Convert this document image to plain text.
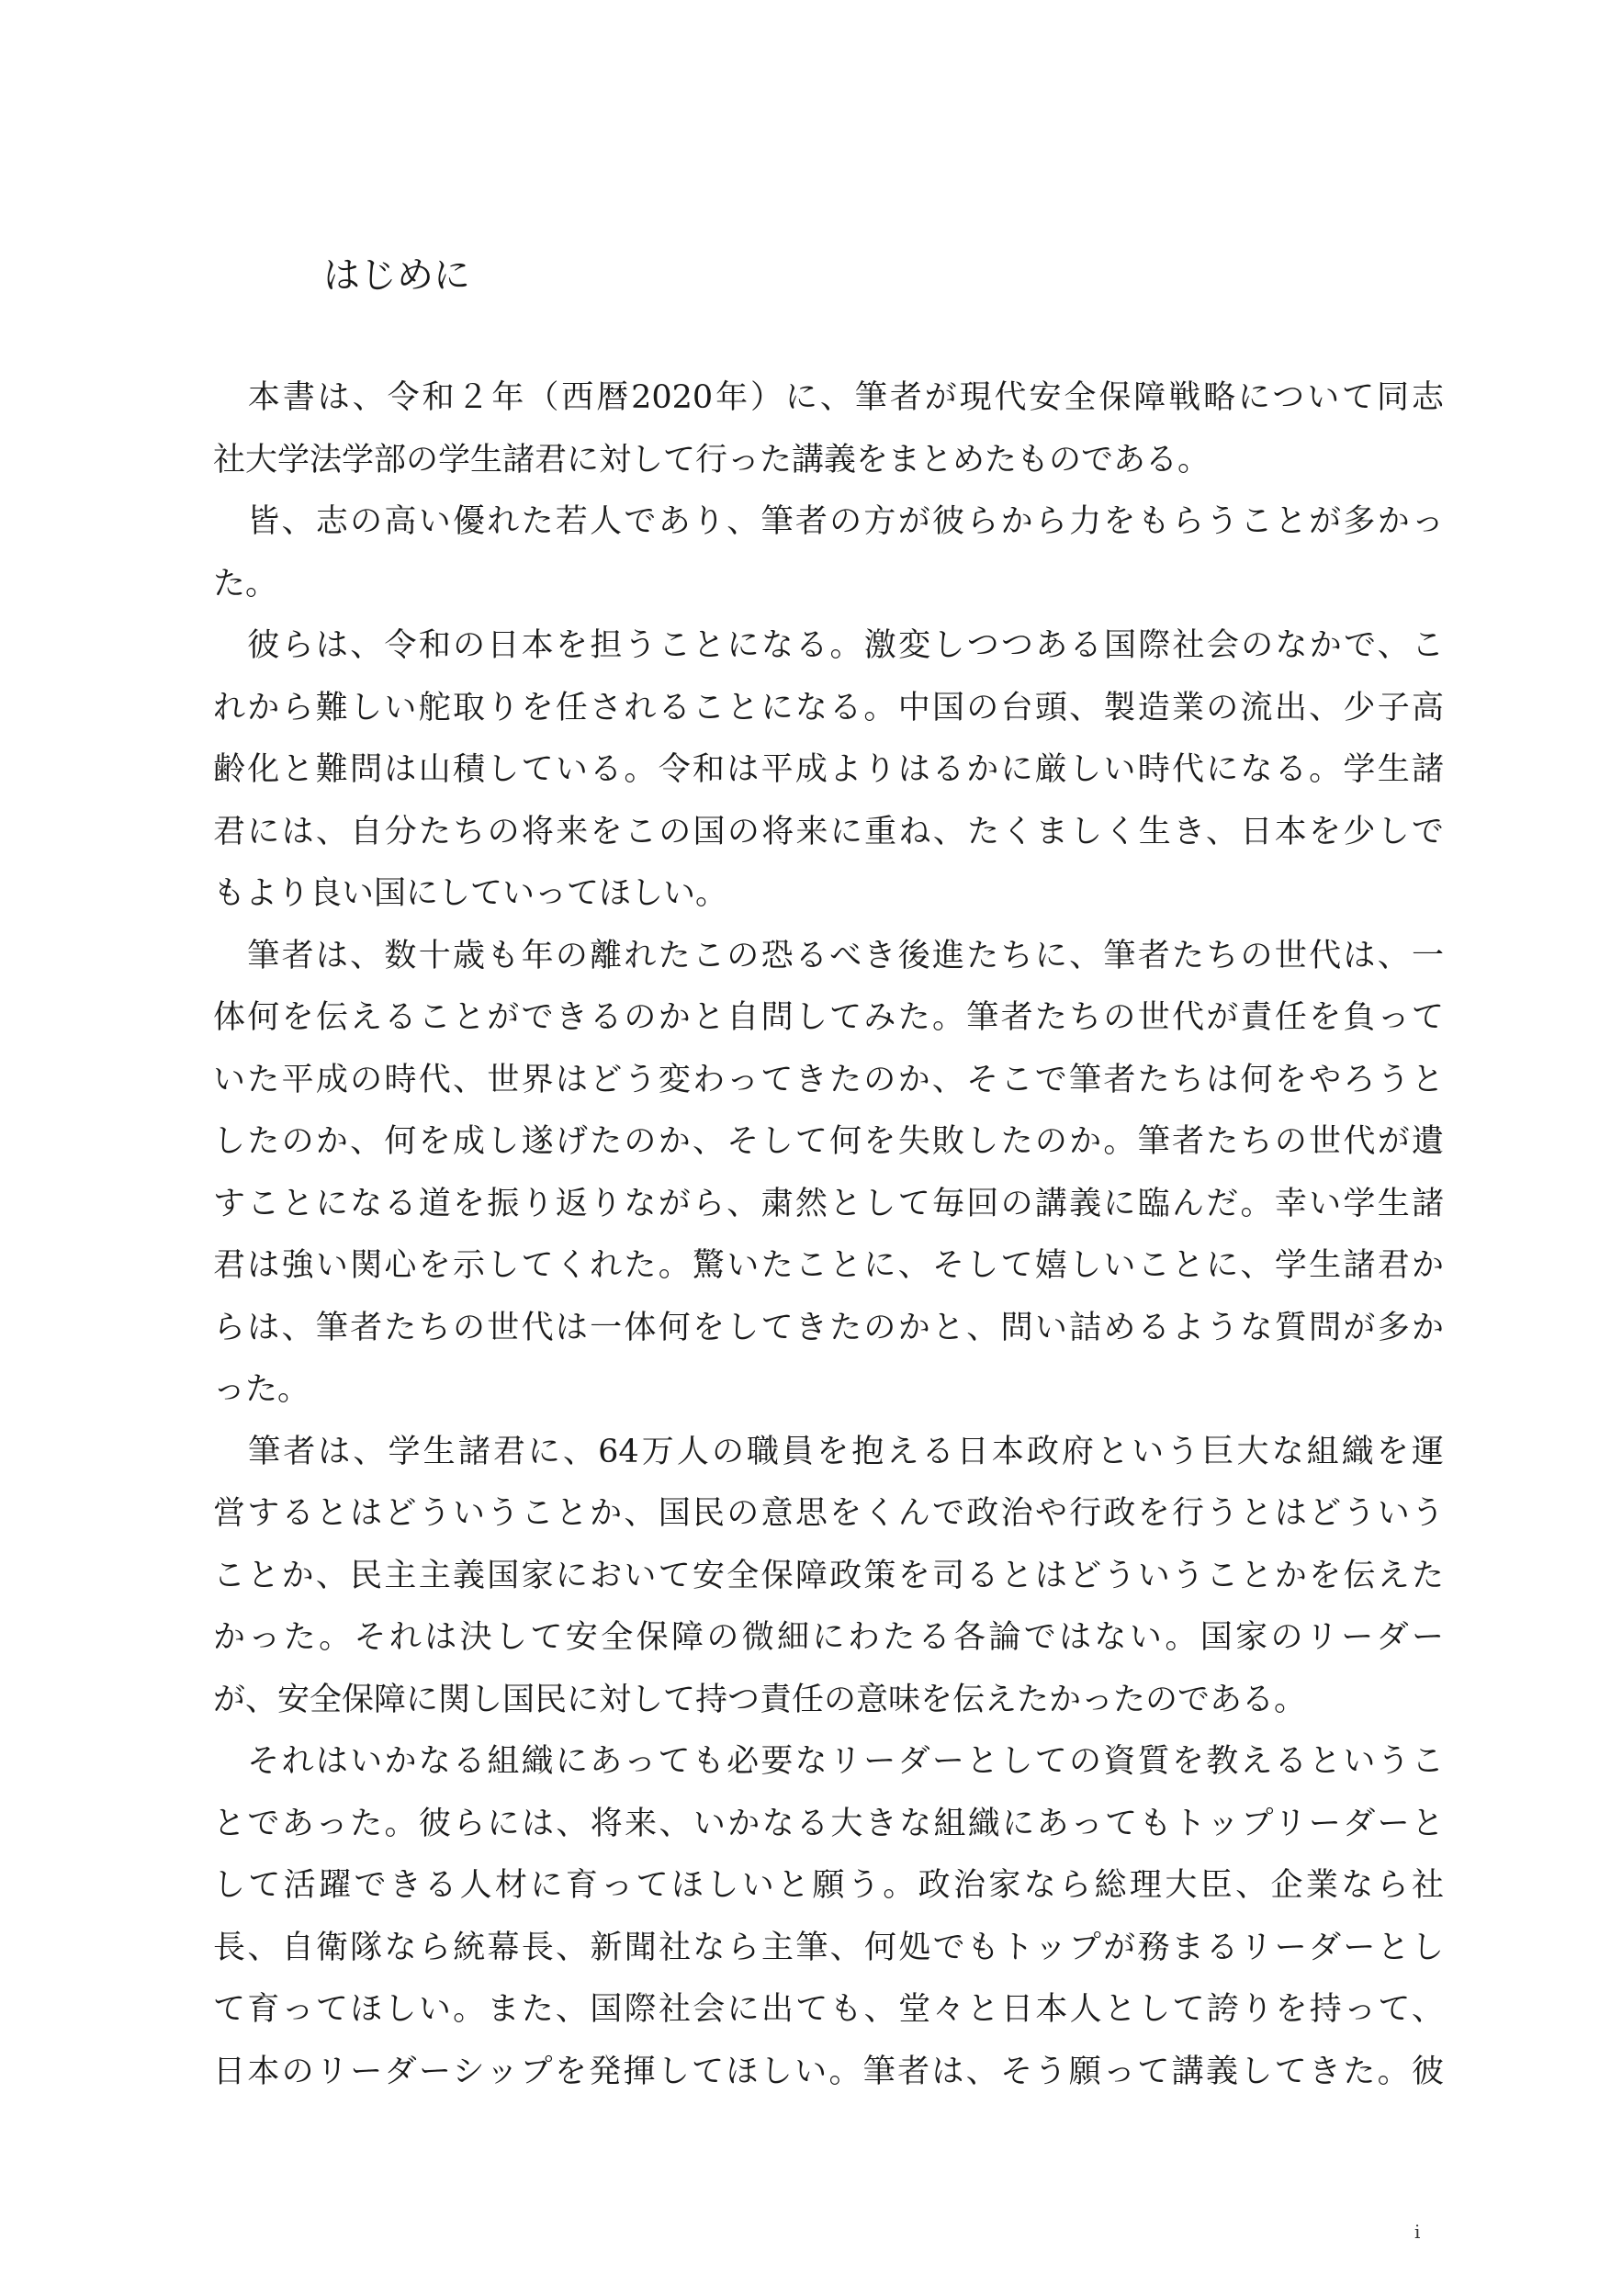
はじめに
　本書は、令和２年（西暦2020年）に、筆者が現代安全保障戦略について同志
社大学法学部の学生諸君に対して行った講義をまとめたものである。
　皆、志の高い優れた若人であり、筆者の方が彼らから力をもらうことが多かっ
た。
　彼らは、令和の日本を担うことになる。激変しつつある国際社会のなかで、こ
れから難しい舵取りを任されることになる。中国の台頭、製造業の流出、少子高
齢化と難問は山積している。令和は平成よりはるかに厳しい時代になる。学生諸
君には、自分たちの将来をこの国の将来に重ね、たくましく生き、日本を少しで
もより良い国にしていってほしい。
　筆者は、数十歳も年の離れたこの恐るべき後進たちに、筆者たちの世代は、一
体何を伝えることができるのかと自問してみた。筆者たちの世代が責任を負って
いた平成の時代、世界はどう変わってきたのか、そこで筆者たちは何をやろうと
したのか、何を成し遂げたのか、そして何を失敗したのか。筆者たちの世代が遺
すことになる道を振り返りながら、粛然として毎回の講義に臨んだ。幸い学生諸
君は強い関心を示してくれた。驚いたことに、そして嬉しいことに、学生諸君か
らは、筆者たちの世代は一体何をしてきたのかと、問い詰めるような質問が多か
った。
　筆者は、学生諸君に、64万人の職員を抱える日本政府という巨大な組織を運
営するとはどういうことか、国民の意思をくんで政治や行政を行うとはどういう
ことか、民主主義国家において安全保障政策を司るとはどういうことかを伝えた
かった。それは決して安全保障の微細にわたる各論ではない。国家のリーダー
が、安全保障に関し国民に対して持つ責任の意味を伝えたかったのである。
　それはいかなる組織にあっても必要なリーダーとしての資質を教えるというこ
とであった。彼らには、将来、いかなる大きな組織にあってもトップリーダーと
して活躍できる人材に育ってほしいと願う。政治家なら総理大臣、企業なら社
長、自衛隊なら統幕長、新聞社なら主筆、何処でもトップが務まるリーダーとし
て育ってほしい。また、国際社会に出ても、堂々と日本人として誇りを持って、
日本のリーダーシップを発揮してほしい。筆者は、そう願って講義してきた。彼
i
